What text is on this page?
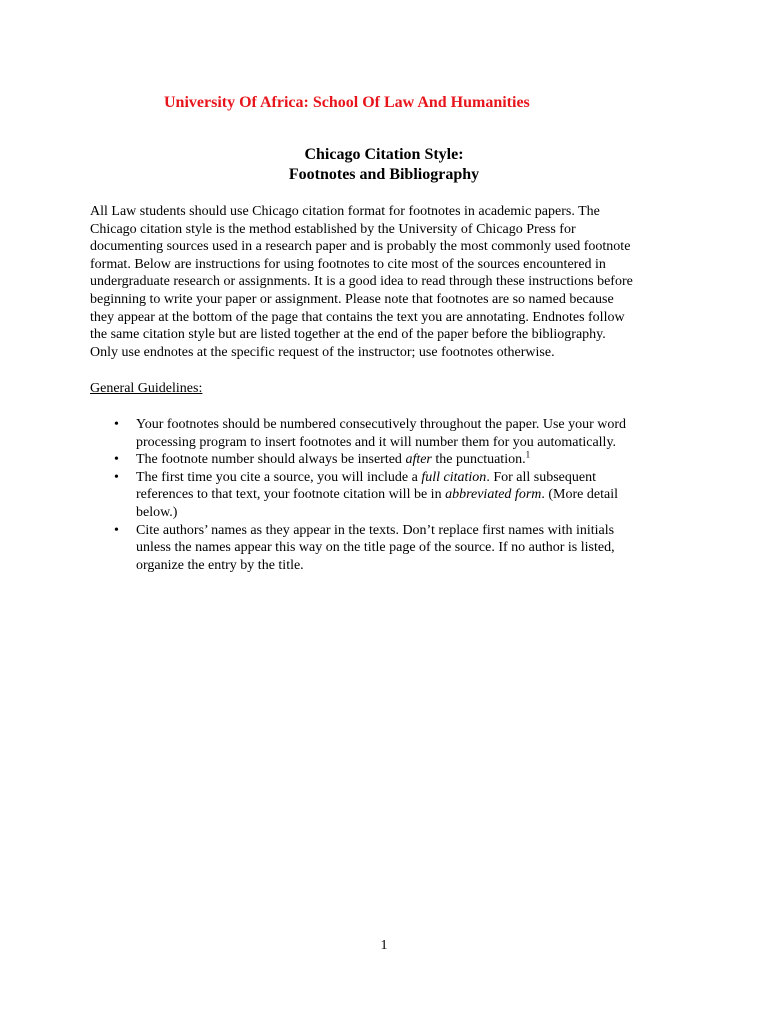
University Of Africa: School Of Law And Humanities
Chicago Citation Style:
Footnotes and Bibliography
All Law students should use Chicago citation format for footnotes in academic papers. The
Chicago citation style is the method established by the University of Chicago Press for
documenting sources used in a research paper and is probably the most commonly used footnote
format. Below are instructions for using footnotes to cite most of the sources encountered in
undergraduate research or assignments. It is a good idea to read through these instructions before
beginning to write your paper or assignment. Please note that footnotes are so named because
they appear at the bottom of the page that contains the text you are annotating. Endnotes follow
the same citation style but are listed together at the end of the paper before the bibliography.
Only use endnotes at the specific request of the instructor; use footnotes otherwise.
General Guidelines:
• Your footnotes should be numbered consecutively throughout the paper. Use your word
processing program to insert footnotes and it will number them for you automatically.
• The footnote number should always be inserted after the punctuation.$^1$
• The first time you cite a source, you will include a full citation. For all subsequent
references to that text, your footnote citation will be in abbreviated form. (More detail
below.)
• Cite authors’ names as they appear in the texts. Don’t replace first names with initials
unless the names appear this way on the title page of the source. If no author is listed,
organize the entry by the title.
1
